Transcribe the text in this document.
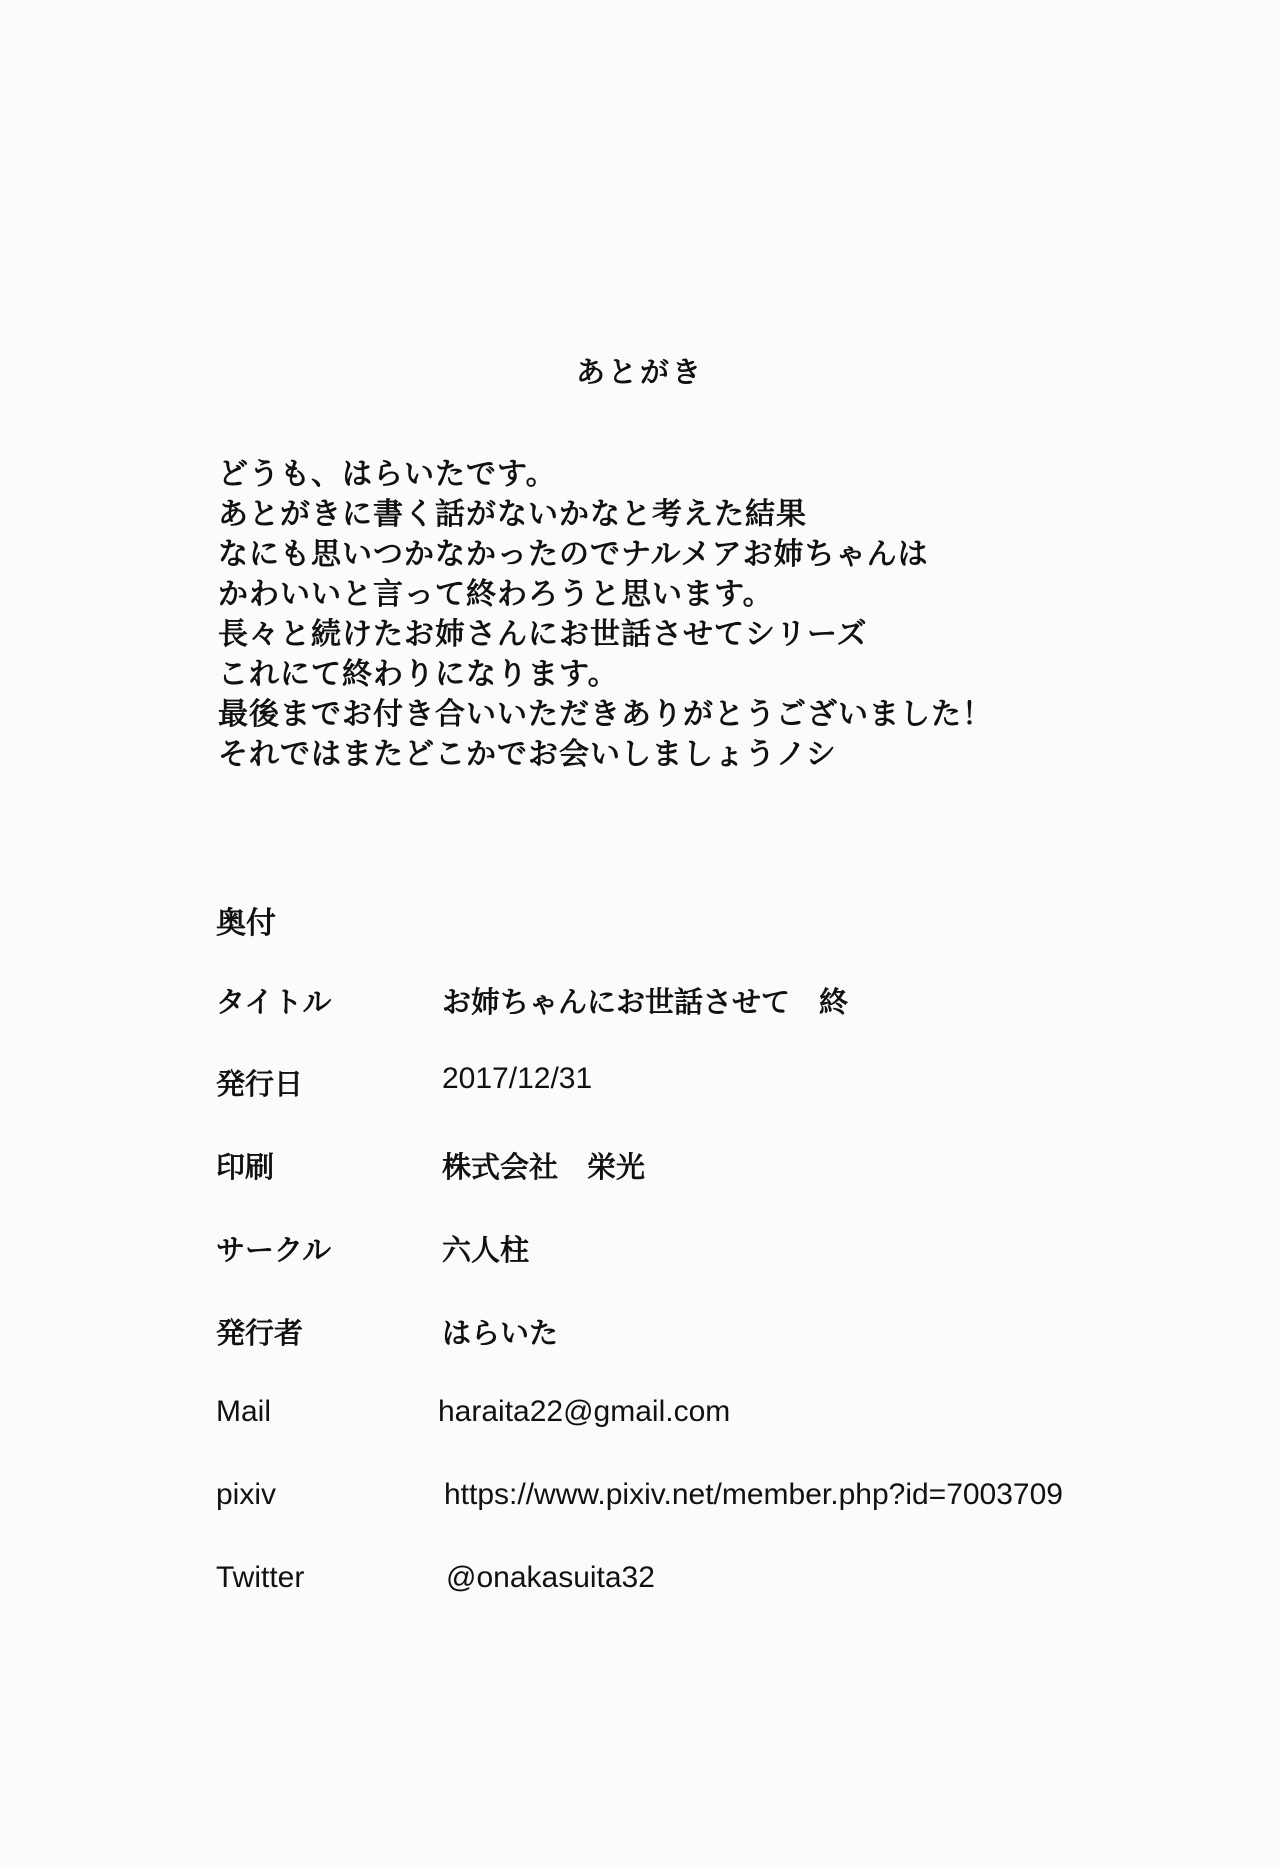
あとがき
どうも、はらいたです。
あとがきに書く話がないかなと考えた結果
なにも思いつかなかったのでナルメアお姉ちゃんは
かわいいと言って終わろうと思います。
長々と続けたお姉さんにお世話させてシリーズ
これにて終わりになります。
最後までお付き合いいただきありがとうございました！
それではまたどこかでお会いしましょうノシ
奥付
タイトル	お姉ちゃんにお世話させて　終
発行日	2017/12/31
印刷	株式会社　栄光
サークル	六人柱
発行者	はらいた
Mail	haraita22@gmail.com
pixiv	https://www.pixiv.net/member.php?id=7003709
Twitter	@onakasuita32
